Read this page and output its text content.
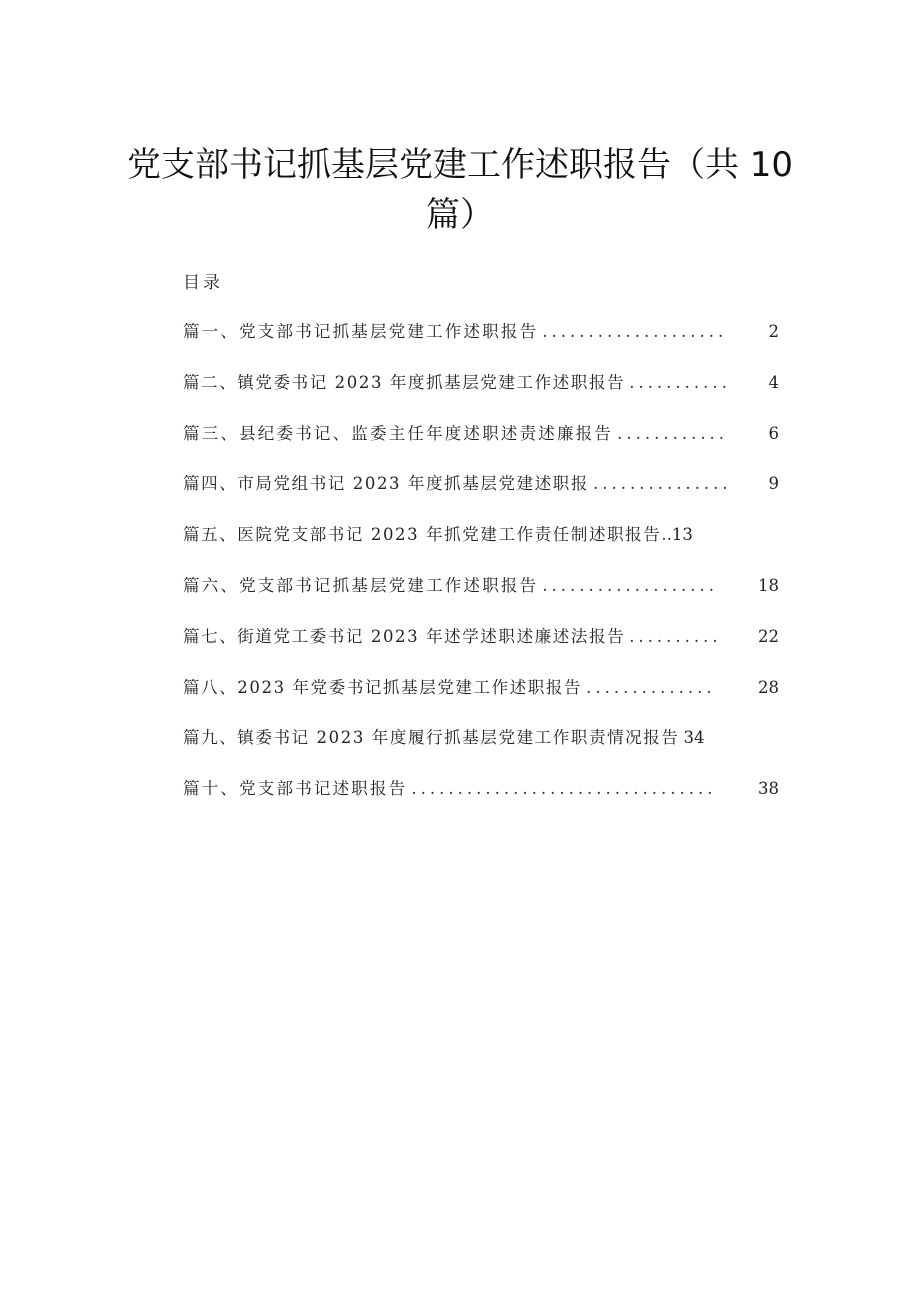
党支部书记抓基层党建工作述职报告（共 10
篇）
目录
篇一、党支部书记抓基层党建工作述职报告 ....................	2
篇二、镇党委书记 2023 年度抓基层党建工作述职报告 ...........	4
篇三、县纪委书记、监委主任年度述职述责述廉报告 ............	6
篇四、市局党组书记 2023 年度抓基层党建述职报 ...............	9
篇五、医院党支部书记 2023 年抓党建工作责任制述职报告 .. 13
篇六、党支部书记抓基层党建工作述职报告 ...................	18
篇七、街道党工委书记 2023 年述学述职述廉述法报告 ..........	22
篇八、2023 年党委书记抓基层党建工作述职报告 ..............	28
篇九、镇委书记 2023 年度履行抓基层党建工作职责情况报告 34
篇十、党支部书记述职报告 .................................	38
